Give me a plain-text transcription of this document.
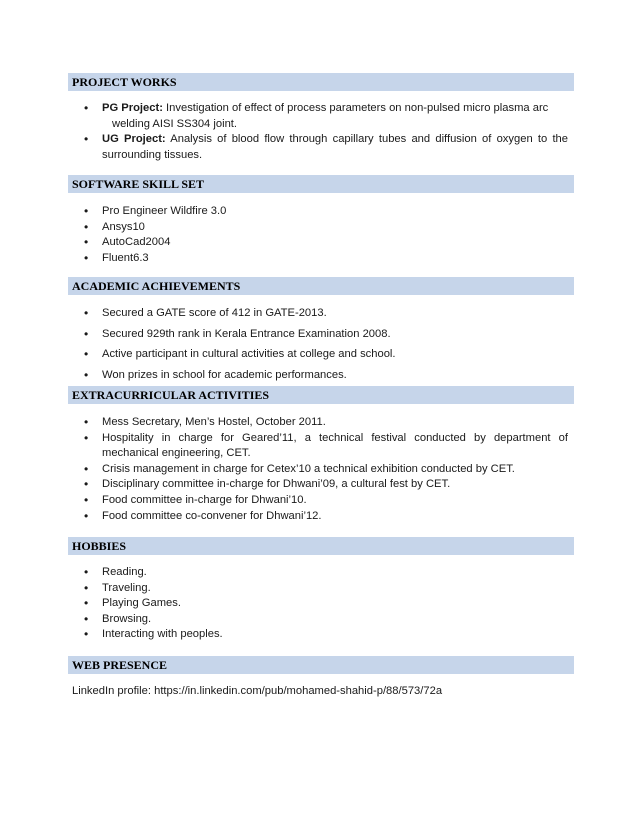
PROJECT WORKS
• PG Project: Investigation of effect of process parameters on non-pulsed micro plasma arc
welding AISI SS304 joint.
• UG Project: Analysis of blood flow through capillary tubes and diffusion of oxygen to the surrounding tissues.
SOFTWARE SKILL SET
• Pro Engineer Wildfire 3.0
• Ansys10
• AutoCad2004
• Fluent6.3
ACADEMIC ACHIEVEMENTS
• Secured a GATE score of 412 in GATE-2013.
• Secured 929th rank in Kerala Entrance Examination 2008.
• Active participant in cultural activities at college and school.
• Won prizes in school for academic performances.
EXTRACURRICULAR ACTIVITIES
• Mess Secretary, Men’s Hostel, October 2011.
• Hospitality in charge for Geared’11, a technical festival conducted by department of mechanical engineering, CET.
• Crisis management in charge for Cetex’10 a technical exhibition conducted by CET.
• Disciplinary committee in-charge for Dhwani’09, a cultural fest by CET.
• Food committee in-charge for Dhwani’10.
• Food committee co-convener for Dhwani’12.
HOBBIES
• Reading.
• Traveling.
• Playing Games.
• Browsing.
• Interacting with peoples.
WEB PRESENCE
LinkedIn profile: https://in.linkedin.com/pub/mohamed-shahid-p/88/573/72a
